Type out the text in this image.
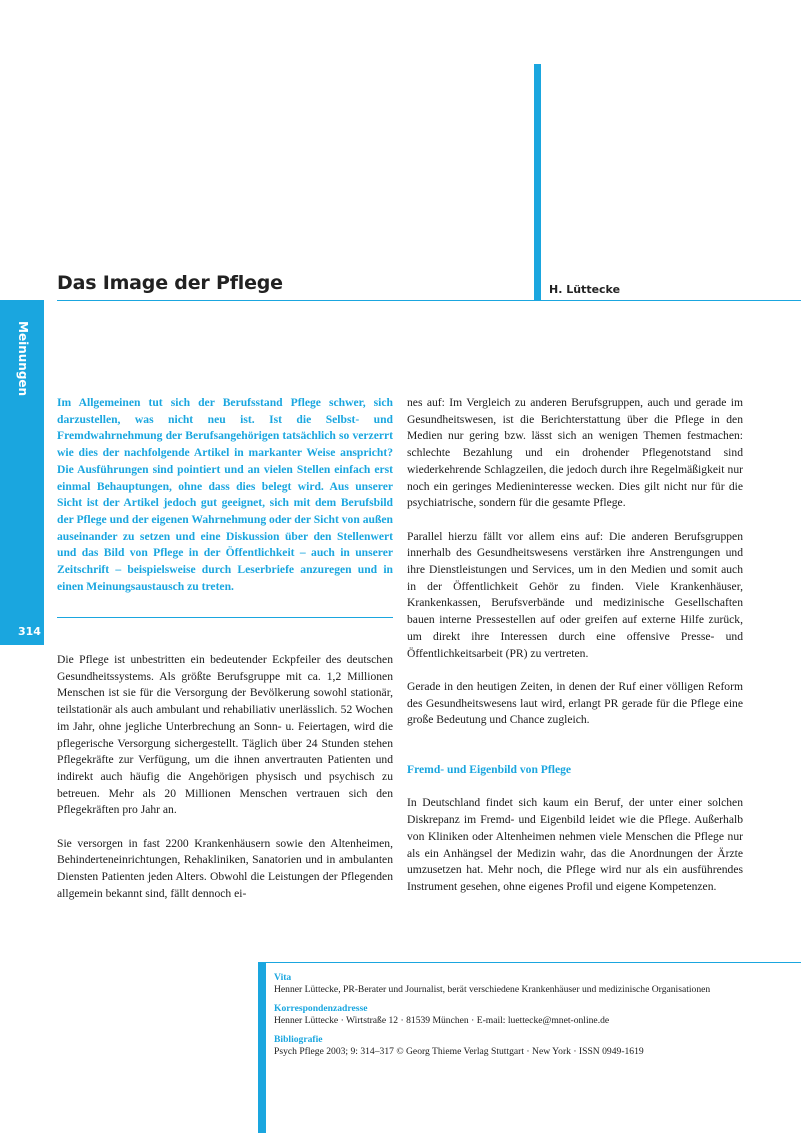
Das Image der Pflege	H. Lüttecke
Meinungen
314

Im Allgemeinen tut sich der Berufsstand Pflege schwer, sich darzustellen, was nicht neu ist. Ist die Selbst- und Fremdwahrnehmung der Berufsangehörigen tatsächlich so verzerrt wie dies der nachfolgende Artikel in markanter Weise anspricht? Die Ausführungen sind pointiert und an vielen Stellen einfach erst einmal Behauptungen, ohne dass dies belegt wird. Aus unserer Sicht ist der Artikel jedoch gut geeignet, sich mit dem Berufsbild der Pflege und der eigenen Wahrnehmung oder der Sicht von außen auseinander zu setzen und eine Diskussion über den Stellenwert und das Bild von Pflege in der Öffentlichkeit – auch in unserer Zeitschrift – beispielsweise durch Leserbriefe anzuregen und in einen Meinungsaustausch zu treten.

Die Pflege ist unbestritten ein bedeutender Eckpfeiler des deutschen Gesundheitssystems. Als größte Berufsgruppe mit ca. 1,2 Millionen Menschen ist sie für die Versorgung der Bevölkerung sowohl stationär, teilstationär als auch ambulant und rehabiliativ unerlässlich. 52 Wochen im Jahr, ohne jegliche Unterbrechung an Sonn- u. Feiertagen, wird die pflegerische Versorgung sichergestellt. Täglich über 24 Stunden stehen Pflegekräfte zur Verfügung, um die ihnen anvertrauten Patienten und indirekt auch häufig die Angehörigen physisch und psychisch zu betreuen. Mehr als 20 Millionen Menschen vertrauen sich den Pflegekräften pro Jahr an.

Sie versorgen in fast 2200 Krankenhäusern sowie den Altenheimen, Behinderteneinrichtungen, Rehakliniken, Sanatorien und in ambulanten Diensten Patienten jeden Alters. Obwohl die Leistungen der Pflegenden allgemein bekannt sind, fällt dennoch ei-

nes auf: Im Vergleich zu anderen Berufsgruppen, auch und gerade im Gesundheitswesen, ist die Berichterstattung über die Pflege in den Medien nur gering bzw. lässt sich an wenigen Themen festmachen: schlechte Bezahlung und ein drohender Pflegenotstand sind wiederkehrende Schlagzeilen, die jedoch durch ihre Regelmäßigkeit nur noch ein geringes Medieninteresse wecken. Dies gilt nicht nur für die psychiatrische, sondern für die gesamte Pflege.

Parallel hierzu fällt vor allem eins auf: Die anderen Berufsgruppen innerhalb des Gesundheitswesens verstärken ihre Anstrengungen und ihre Dienstleistungen und Services, um in den Medien und somit auch in der Öffentlichkeit Gehör zu finden. Viele Krankenhäuser, Krankenkassen, Berufsverbände und medizinische Gesellschaften bauen interne Pressestellen auf oder greifen auf externe Hilfe zurück, um direkt ihre Interessen durch eine offensive Presse- und Öffentlichkeitsarbeit (PR) zu vertreten.

Gerade in den heutigen Zeiten, in denen der Ruf einer völligen Reform des Gesundheitswesens laut wird, erlangt PR gerade für die Pflege eine große Bedeutung und Chance zugleich.

Fremd- und Eigenbild von Pflege

In Deutschland findet sich kaum ein Beruf, der unter einer solchen Diskrepanz im Fremd- und Eigenbild leidet wie die Pflege. Außerhalb von Kliniken oder Altenheimen nehmen viele Menschen die Pflege nur als ein Anhängsel der Medizin wahr, das die Anordnungen der Ärzte umzusetzen hat. Mehr noch, die Pflege wird nur als ein ausführendes Instrument gesehen, ohne eigenes Profil und eigene Kompetenzen.

Vita
Henner Lüttecke, PR-Berater und Journalist, berät verschiedene Krankenhäuser und medizinische Organisationen
Korrespondenzadresse
Henner Lüttecke · Wirtstraße 12 · 81539 München · E-mail: luettecke@mnet-online.de
Bibliografie
Psych Pflege 2003; 9: 314–317 © Georg Thieme Verlag Stuttgart · New York · ISSN 0949-1619
